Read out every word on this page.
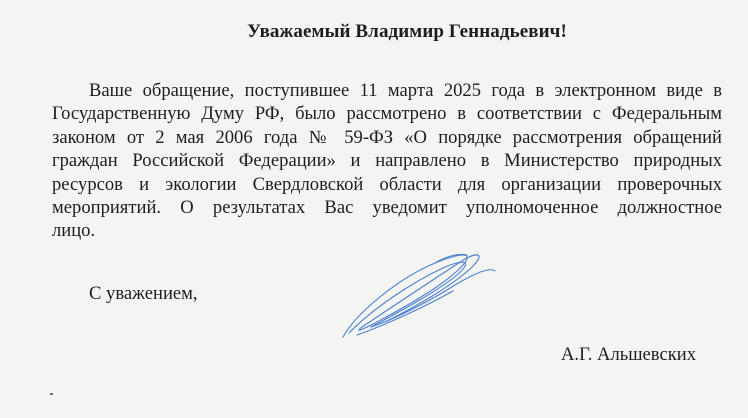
Уважаемый Владимир Геннадьевич!
Ваше обращение, поступившее 11 марта 2025 года в электронном виде в
Государственную Думу РФ, было рассмотрено в соответствии с Федеральным
законом от 2 мая 2006 года № 59-ФЗ «О порядке рассмотрения обращений
граждан Российской Федерации» и направлено в Министерство природных
ресурсов и экологии Свердловской области для организации проверочных
мероприятий. О результатах Вас уведомит уполномоченное должностное
лицо.
С уважением,
А.Г. Альшевских
